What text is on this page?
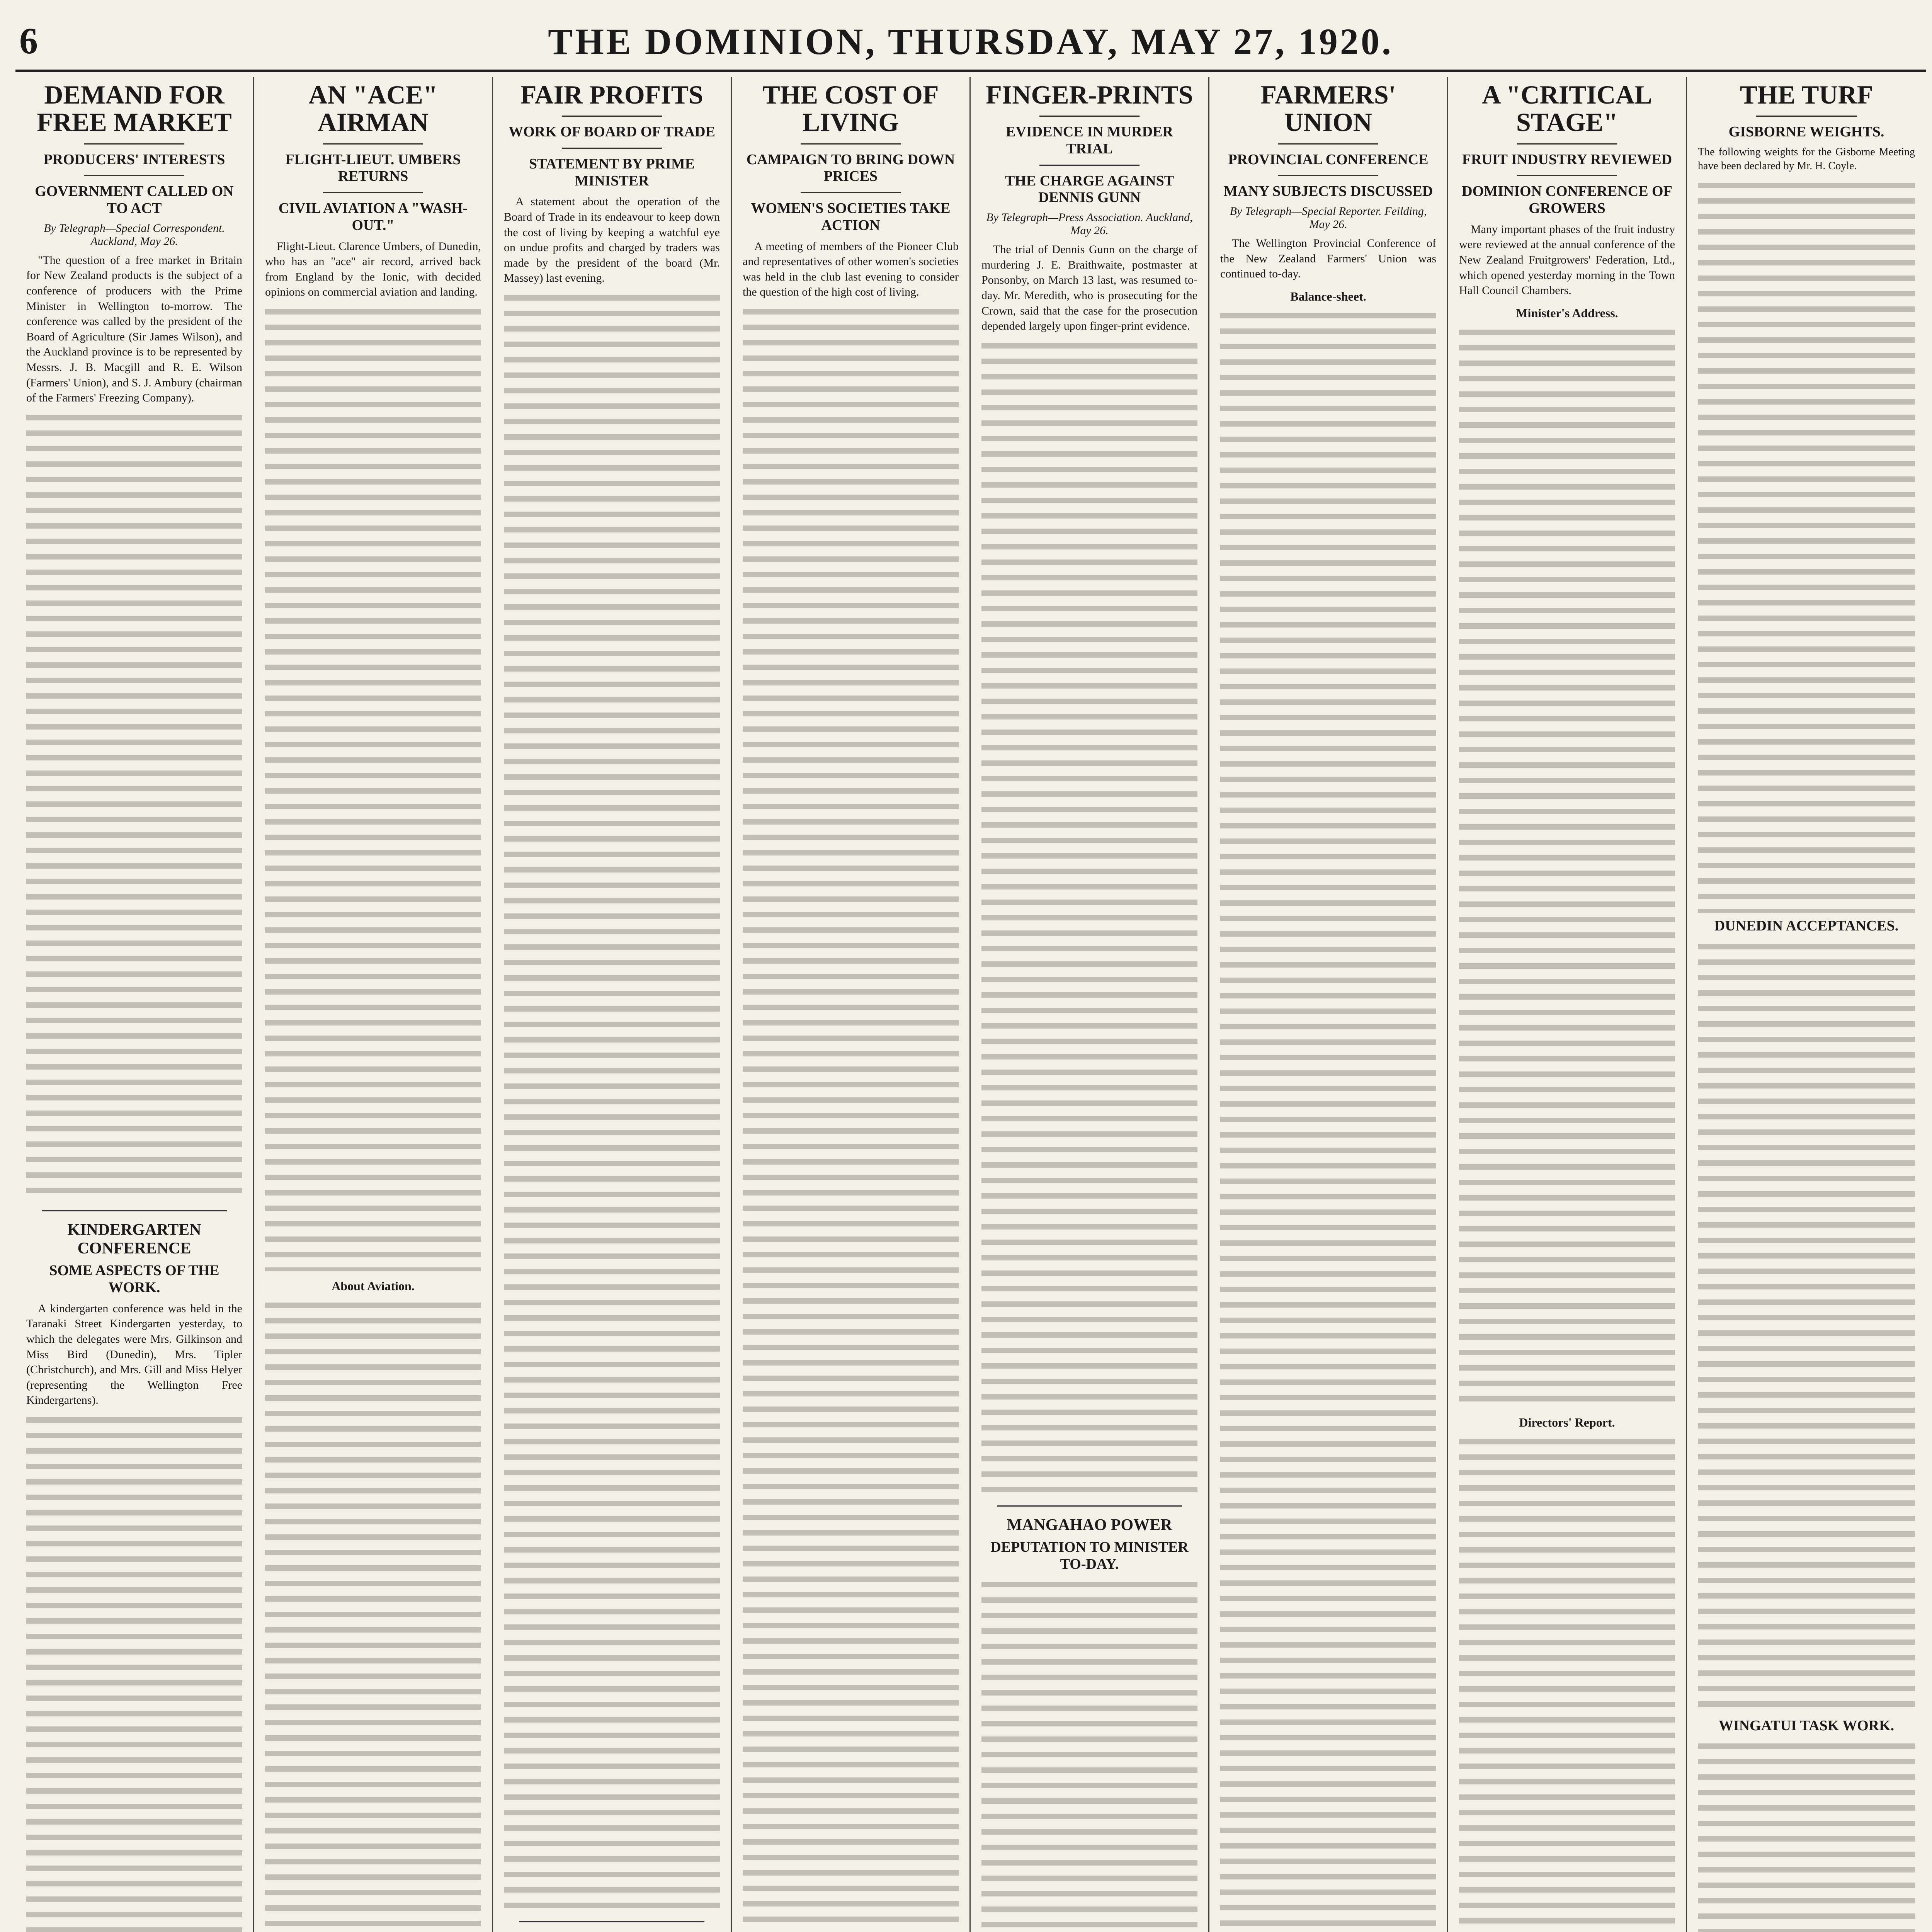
6	THE DOMINION, THURSDAY, MAY 27, 1920.
DEMAND FOR FREE MARKET
PRODUCERS' INTERESTS
GOVERNMENT CALLED ON TO ACT
By Telegraph—Special Correspondent. Auckland, May 26.

"The question of a free market in Britain for New Zealand products is the subject of a conference of producers with the Prime Minister in Wellington to-morrow. The conference was called by the president of the Board of Agriculture (Sir James Wilson), and the Auckland province is to be represented by Messrs. J. B. Macgill and R. E. Wilson (Farmers' Union), and S. J. Ambury (chairman of the Farmers' Freezing Company).

KINDERGARTEN CONFERENCE
SOME ASPECTS OF THE WORK.

A kindergarten conference was held in the Taranaki Street Kindergarten yesterday, to which the delegates were Mrs. Gilkinson and Miss Bird (Dunedin), Mrs. Tipler (Christchurch), and Mrs. Gill and Miss Helyer (representing the Wellington Free Kindergartens).

AN "ACE" AIRMAN
FLIGHT-LIEUT. UMBERS RETURNS
CIVIL AVIATION A "WASH-OUT."

Flight-Lieut. Clarence Umbers, of Dunedin, who has an "ace" air record, arrived back from England by the Ionic, with decided opinions on commercial aviation and landing.

About Aviation.

FAIR PROFITS
WORK OF BOARD OF TRADE
STATEMENT BY PRIME MINISTER

A statement about the operation of the Board of Trade in its endeavour to keep down the cost of living by keeping a watchful eye on undue profits and charged by traders was made by the president of the board (Mr. Massey) last evening.

THE COST OF LIVING
CAMPAIGN TO BRING DOWN PRICES
WOMEN'S SOCIETIES TAKE ACTION

A meeting of members of the Pioneer Club and representatives of other women's societies was held in the club last evening to consider the question of the high cost of living.

FINGER-PRINTS
EVIDENCE IN MURDER TRIAL
THE CHARGE AGAINST DENNIS GUNN
By Telegraph—Press Association. Auckland, May 26.

The trial of Dennis Gunn on the charge of murdering J. E. Braithwaite, postmaster at Ponsonby, on March 13 last, was resumed to-day. Mr. Meredith, who is prosecuting for the Crown, said that the case for the prosecution depended largely upon finger-print evidence.

MANGAHAO POWER
DEPUTATION TO MINISTER TO-DAY.
FARMERS' UNION
PROVINCIAL CONFERENCE
MANY SUBJECTS DISCUSSED
By Telegraph—Special Reporter. Feilding, May 26.

The Wellington Provincial Conference of the New Zealand Farmers' Union was continued to-day.

Balance-sheet.
A "CRITICAL STAGE"
FRUIT INDUSTRY REVIEWED
DOMINION CONFERENCE OF GROWERS

Many important phases of the fruit industry were reviewed at the annual conference of the New Zealand Fruitgrowers' Federation, Ltd., which opened yesterday morning in the Town Hall Council Chambers.

Minister's Address.
Directors' Report.
THE TURF
GISBORNE WEIGHTS.

The following weights for the Gisborne Meeting have been declared by Mr. H. Coyle.

DUNEDIN ACCEPTANCES.
WINGATUI TASK WORK.
